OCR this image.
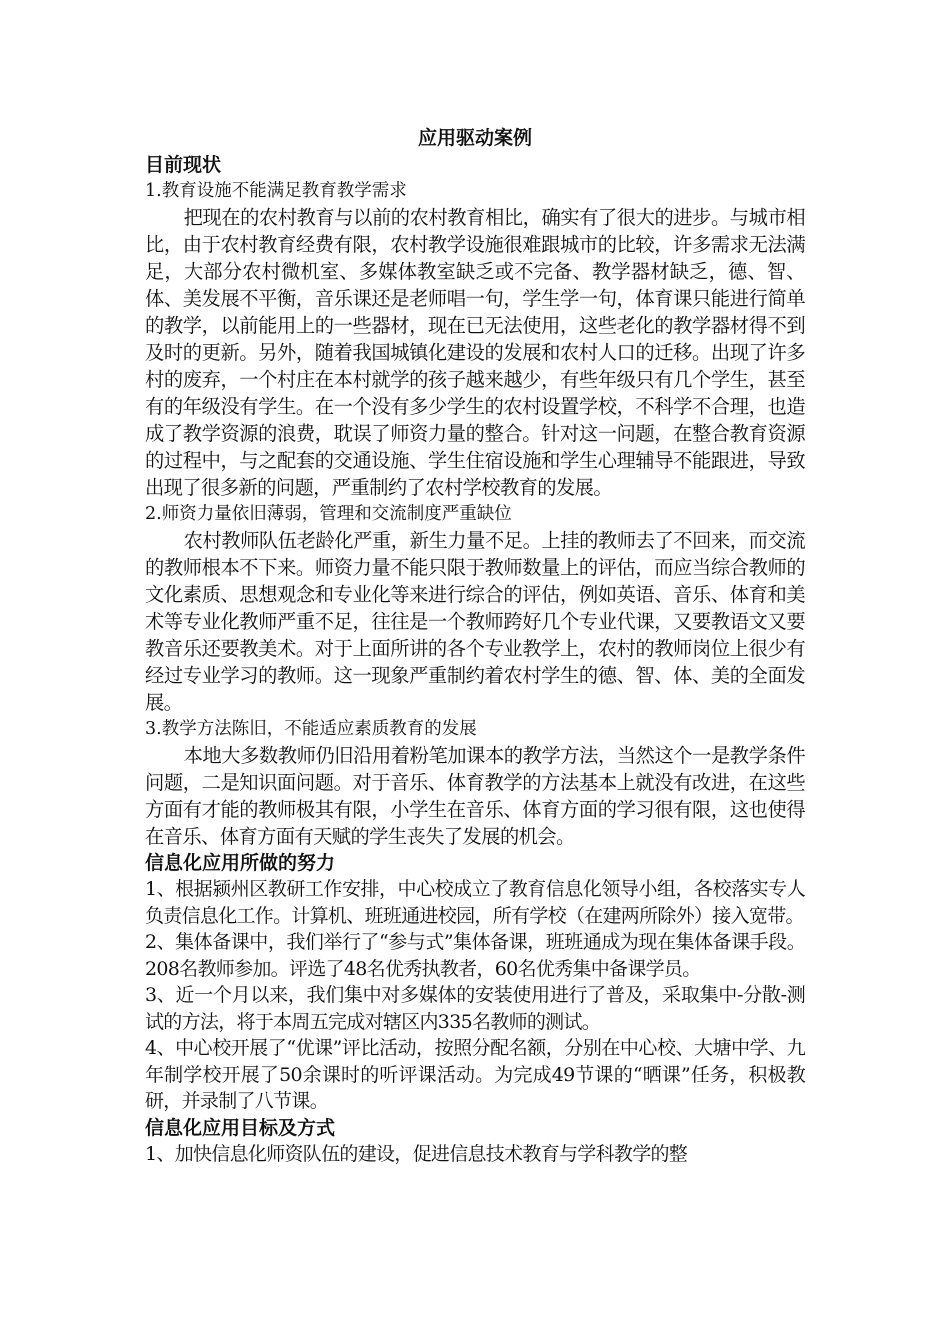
应用驱动案例

目前现状

1.教育设施不能满足教育教学需求

把现在的农村教育与以前的农村教育相比，确实有了很大的进步。与城市相比，由于农村教育经费有限，农村教学设施很难跟城市的比较，许多需求无法满足，大部分农村微机室、多媒体教室缺乏或不完备、教学器材缺乏，德、智、体、美发展不平衡，音乐课还是老师唱一句，学生学一句，体育课只能进行简单的教学，以前能用上的一些器材，现在已无法使用，这些老化的教学器材得不到及时的更新。另外，随着我国城镇化建设的发展和农村人口的迁移。出现了许多村的废弃，一个村庄在本村就学的孩子越来越少，有些年级只有几个学生，甚至有的年级没有学生。在一个没有多少学生的农村设置学校，不科学不合理，也造成了教学资源的浪费，耽误了师资力量的整合。针对这一问题，在整合教育资源的过程中，与之配套的交通设施、学生住宿设施和学生心理辅导不能跟进，导致出现了很多新的问题，严重制约了农村学校教育的发展。

2.师资力量依旧薄弱，管理和交流制度严重缺位

农村教师队伍老龄化严重，新生力量不足。上挂的教师去了不回来，而交流的教师根本不下来。师资力量不能只限于教师数量上的评估，而应当综合教师的文化素质、思想观念和专业化等来进行综合的评估，例如英语、音乐、体育和美术等专业化教师严重不足，往往是一个教师跨好几个专业代课，又要教语文又要教音乐还要教美术。对于上面所讲的各个专业教学上，农村的教师岗位上很少有经过专业学习的教师。这一现象严重制约着农村学生的德、智、体、美的全面发展。

3.教学方法陈旧，不能适应素质教育的发展

本地大多数教师仍旧沿用着粉笔加课本的教学方法，当然这个一是教学条件问题，二是知识面问题。对于音乐、体育教学的方法基本上就没有改进，在这些方面有才能的教师极其有限，小学生在音乐、体育方面的学习很有限，这也使得在音乐、体育方面有天赋的学生丧失了发展的机会。

信息化应用所做的努力

1、根据颍州区教研工作安排，中心校成立了教育信息化领导小组，各校落实专人负责信息化工作。计算机、班班通进校园，所有学校（在建两所除外）接入宽带。

2、集体备课中，我们举行了“参与式”集体备课，班班通成为现在集体备课手段。208名教师参加。评选了48名优秀执教者，60名优秀集中备课学员。

3、近一个月以来，我们集中对多媒体的安装使用进行了普及，采取集中-分散-测试的方法，将于本周五完成对辖区内335名教师的测试。

4、中心校开展了“优课”评比活动，按照分配名额，分别在中心校、大塘中学、九年制学校开展了50余课时的听评课活动。为完成49节课的“晒课”任务，积极教研，并录制了八节课。

信息化应用目标及方式

1、加快信息化师资队伍的建设，促进信息技术教育与学科教学的整
